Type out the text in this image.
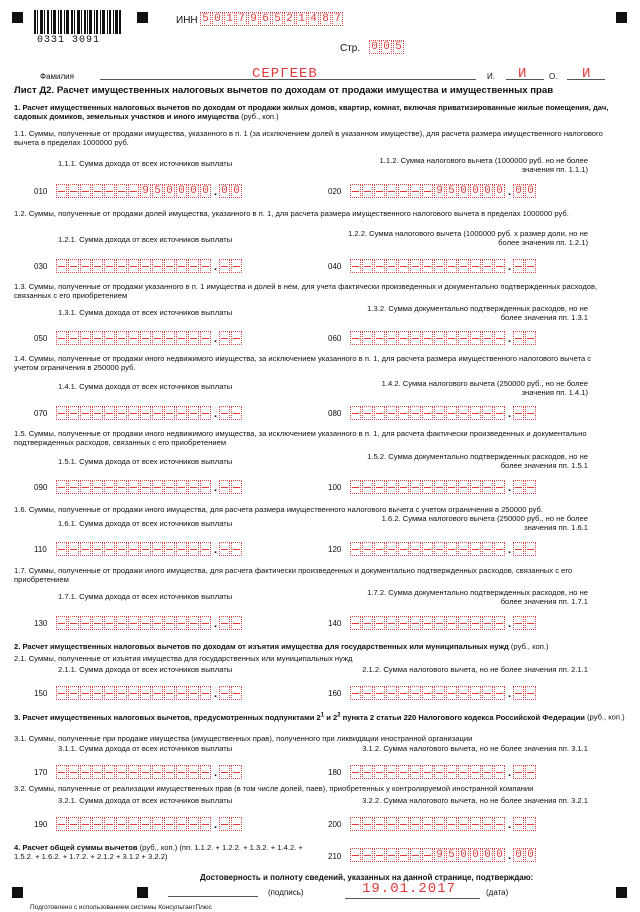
0331 3091
ИНН 5 0 1 7 9 6 5 2 1 4 8 7
Стр. 0 0 5
Фамилия	СЕРГЕЕВ	И. И	О. И
Лист Д2. Расчет имущественных налоговых вычетов по доходам от продажи имущества и имущественных прав
1. Расчет имущественных налоговых вычетов по доходам от продажи жилых домов, квартир, комнат, включая приватизированные жилые помещения, дач, садовых домиков, земельных участков и иного имущества (руб., коп.)
1.1. Суммы, полученные от продажи имущества, указанного в п. 1 (за исключением долей в указанном имуществе), для расчета размера имущественного налогового вычета в пределах 1000000 руб.
1.1.1. Сумма дохода от всех источников выплаты	1.1.2. Сумма налогового вычета (1000000 руб. но не более значения пп. 1.1.1)
010	9 5 0 0 0 0 . 0 0	020	9 5 0 0 0 0 . 0 0
1.2. Суммы, полученные от продажи долей имущества, указанного в п. 1, для расчета размера имущественного налогового вычета в пределах 1000000 руб.
1.2.1. Сумма дохода от всех источников выплаты
1.2.2. Сумма налогового вычета (1000000 руб. х размер доли, но не более значения пп. 1.2.1)
030	.	040	.
1.3. Суммы, полученные от продажи указанного в п. 1 имущества и долей в нем, для учета фактически произведенных и документально подтвержденных расходов, связанных с его приобретением
1.3.1. Сумма дохода от всех источников выплаты	1.3.2. Сумма документально подтвержденных расходов, но не более значения пп. 1.3.1
050	.	060	.
1.4. Суммы, полученные от продажи иного недвижимого имущества, за исключением указанного в п. 1, для расчета размера имущественного налогового вычета с учетом ограничения в 250000 руб.
1.4.1. Сумма дохода от всех источников выплаты	1.4.2. Сумма налогового вычета (250000 руб., но не более значения пп. 1.4.1)
070	.	080	.
1.5. Суммы, полученные от продажи иного недвижимого имущества, за исключением указанного в п. 1, для расчета фактически произведенных и документально подтвержденных расходов, связанных с его приобретением
1.5.1. Сумма дохода от всех источников выплаты
1.5.2. Сумма документально подтвержденных расходов, но не более значения пп. 1.5.1
090	.	100	.
1.6. Суммы, полученные от продажи иного имущества, для расчета размера имущественного налогового вычета с учетом ограничения в 250000 руб.
1.6.1. Сумма дохода от всех источников выплаты
1.6.2. Сумма налогового вычета (250000 руб., но не более значения пп. 1.6.1
110	.	120	.
1.7. Суммы, полученные от продажи иного имущества, для расчета фактически произведенных и документально подтвержденных расходов, связанных с его приобретением
1.7.1. Сумма дохода от всех источников выплаты	1.7.2. Сумма документально подтвержденных расходов, но не более значения пп. 1.7.1
130	.	140	.
2. Расчет имущественных налоговых вычетов по доходам от изъятия имущества для государственных или муниципальных нужд (руб., коп.)
2.1. Суммы, полученные от изъятия имущества для государственных или муниципальных нужд
2.1.1. Сумма дохода от всех источников выплаты	2.1.2. Сумма налогового вычета, но не более значения пп. 2.1.1
150	.	160	.
3. Расчет имущественных налоговых вычетов, предусмотренных подпунктами $2^1$ и $2^2$ пункта 2 статьи 220 Налогового кодекса Российской Федерации (руб., коп.)
3.1. Суммы, полученные при продаже имущества (имущественных прав), полученного при ликвидации иностранной организации
3.1.1. Сумма дохода от всех источников выплаты	3.1.2. Сумма налогового вычета, но не более значения пп. 3.1.1
170	.	180	.
3.2. Суммы, полученные от реализации имущественных прав (в том числе долей, паев), приобретенных у контролируемой иностранной компании
3.2.1. Сумма дохода от всех источников выплаты	3.2.2. Сумма налогового вычета, но не более значения пп. 3.2.1
190	.	200	.
4. Расчет общей суммы вычетов (руб., коп.) (пп. 1.1.2. + 1.2.2. + 1.3.2. + 1.4.2. + 1.5.2. + 1.6.2. + 1.7.2. + 2.1.2 + 3.1.2 + 3.2.2)	210	9 5 0 0 0 0 . 0 0
Достоверность и полноту сведений, указанных на данной странице, подтверждаю:
(подпись)	19.01.2017	(дата)
Подготовлено с использованием системы КонсультантПлюс
